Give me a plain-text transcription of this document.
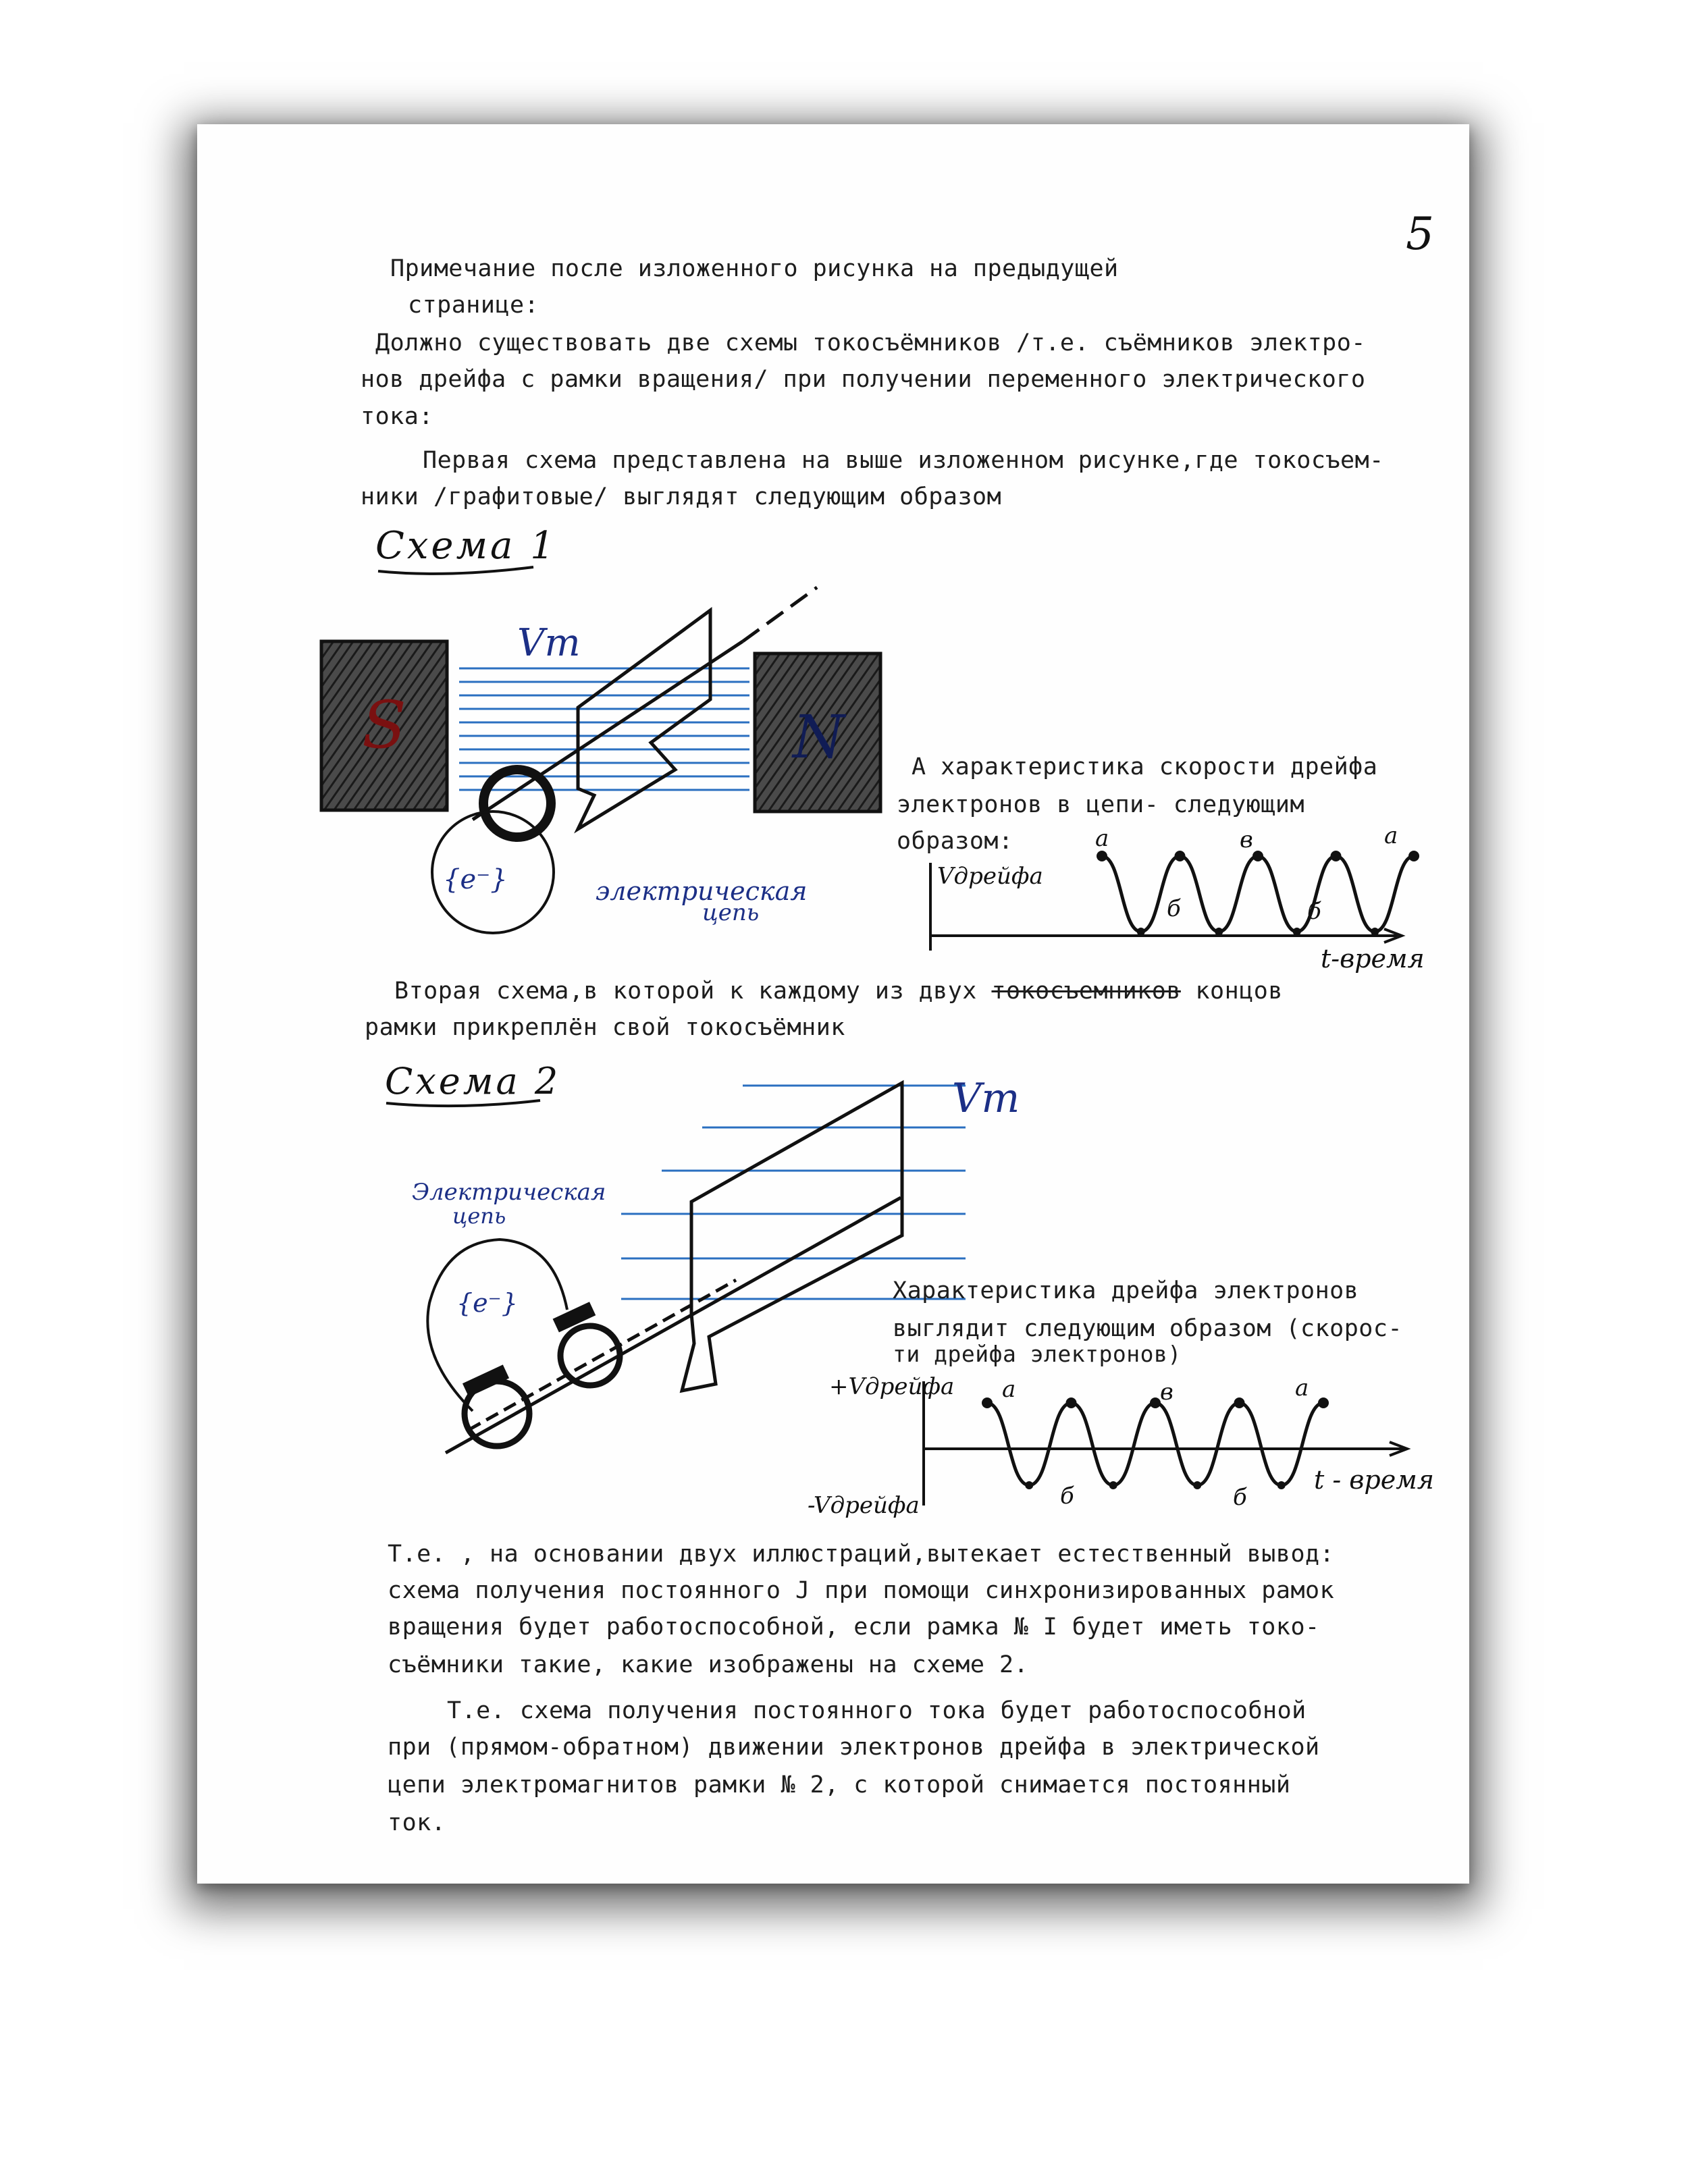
5
Примечание после изложенного рисунка на предыдущей
странице:
Должно существовать две схемы токосъёмников /т.е. съёмников электро-
нов дрейфа с рамки вращения/ при получении переменного электрического
тока:
Первая схема представлена на выше изложенном рисунке,где токосъем-
ники /графитовые/ выглядят следующим образом
Схема 1
S	N
Vm
{e⁻}	электрическая
цепь
А характеристика скорости дрейфа
электронов в цепи- следующим
образом:
Vдрейфа
t-время
а
б
в
б
а
Вторая схема,в которой к каждому из двух токосъемников концов
рамки прикреплён свой токосъёмник
Схема 2	Vm
Электрическая
цепь
{e⁻}	Характеристика дрейфа электронов
выглядит следующим образом (скорос-
ти дрейфа электронов)
+Vдрейфа
-Vдрейфа
t - время
а
б
в
б
а
Т.е. , на основании двух иллюстраций,вытекает естественный вывод:
схема получения постоянного J при помощи синхронизированных рамок
вращения будет работоспособной, если рамка № I будет иметь токо-
съёмники такие, какие изображены на схеме 2.
Т.е. схема получения постоянного тока будет работоспособной
при (прямом-обратном) движении электронов дрейфа в электрической
цепи электромагнитов рамки № 2, с которой снимается постоянный
ток.
